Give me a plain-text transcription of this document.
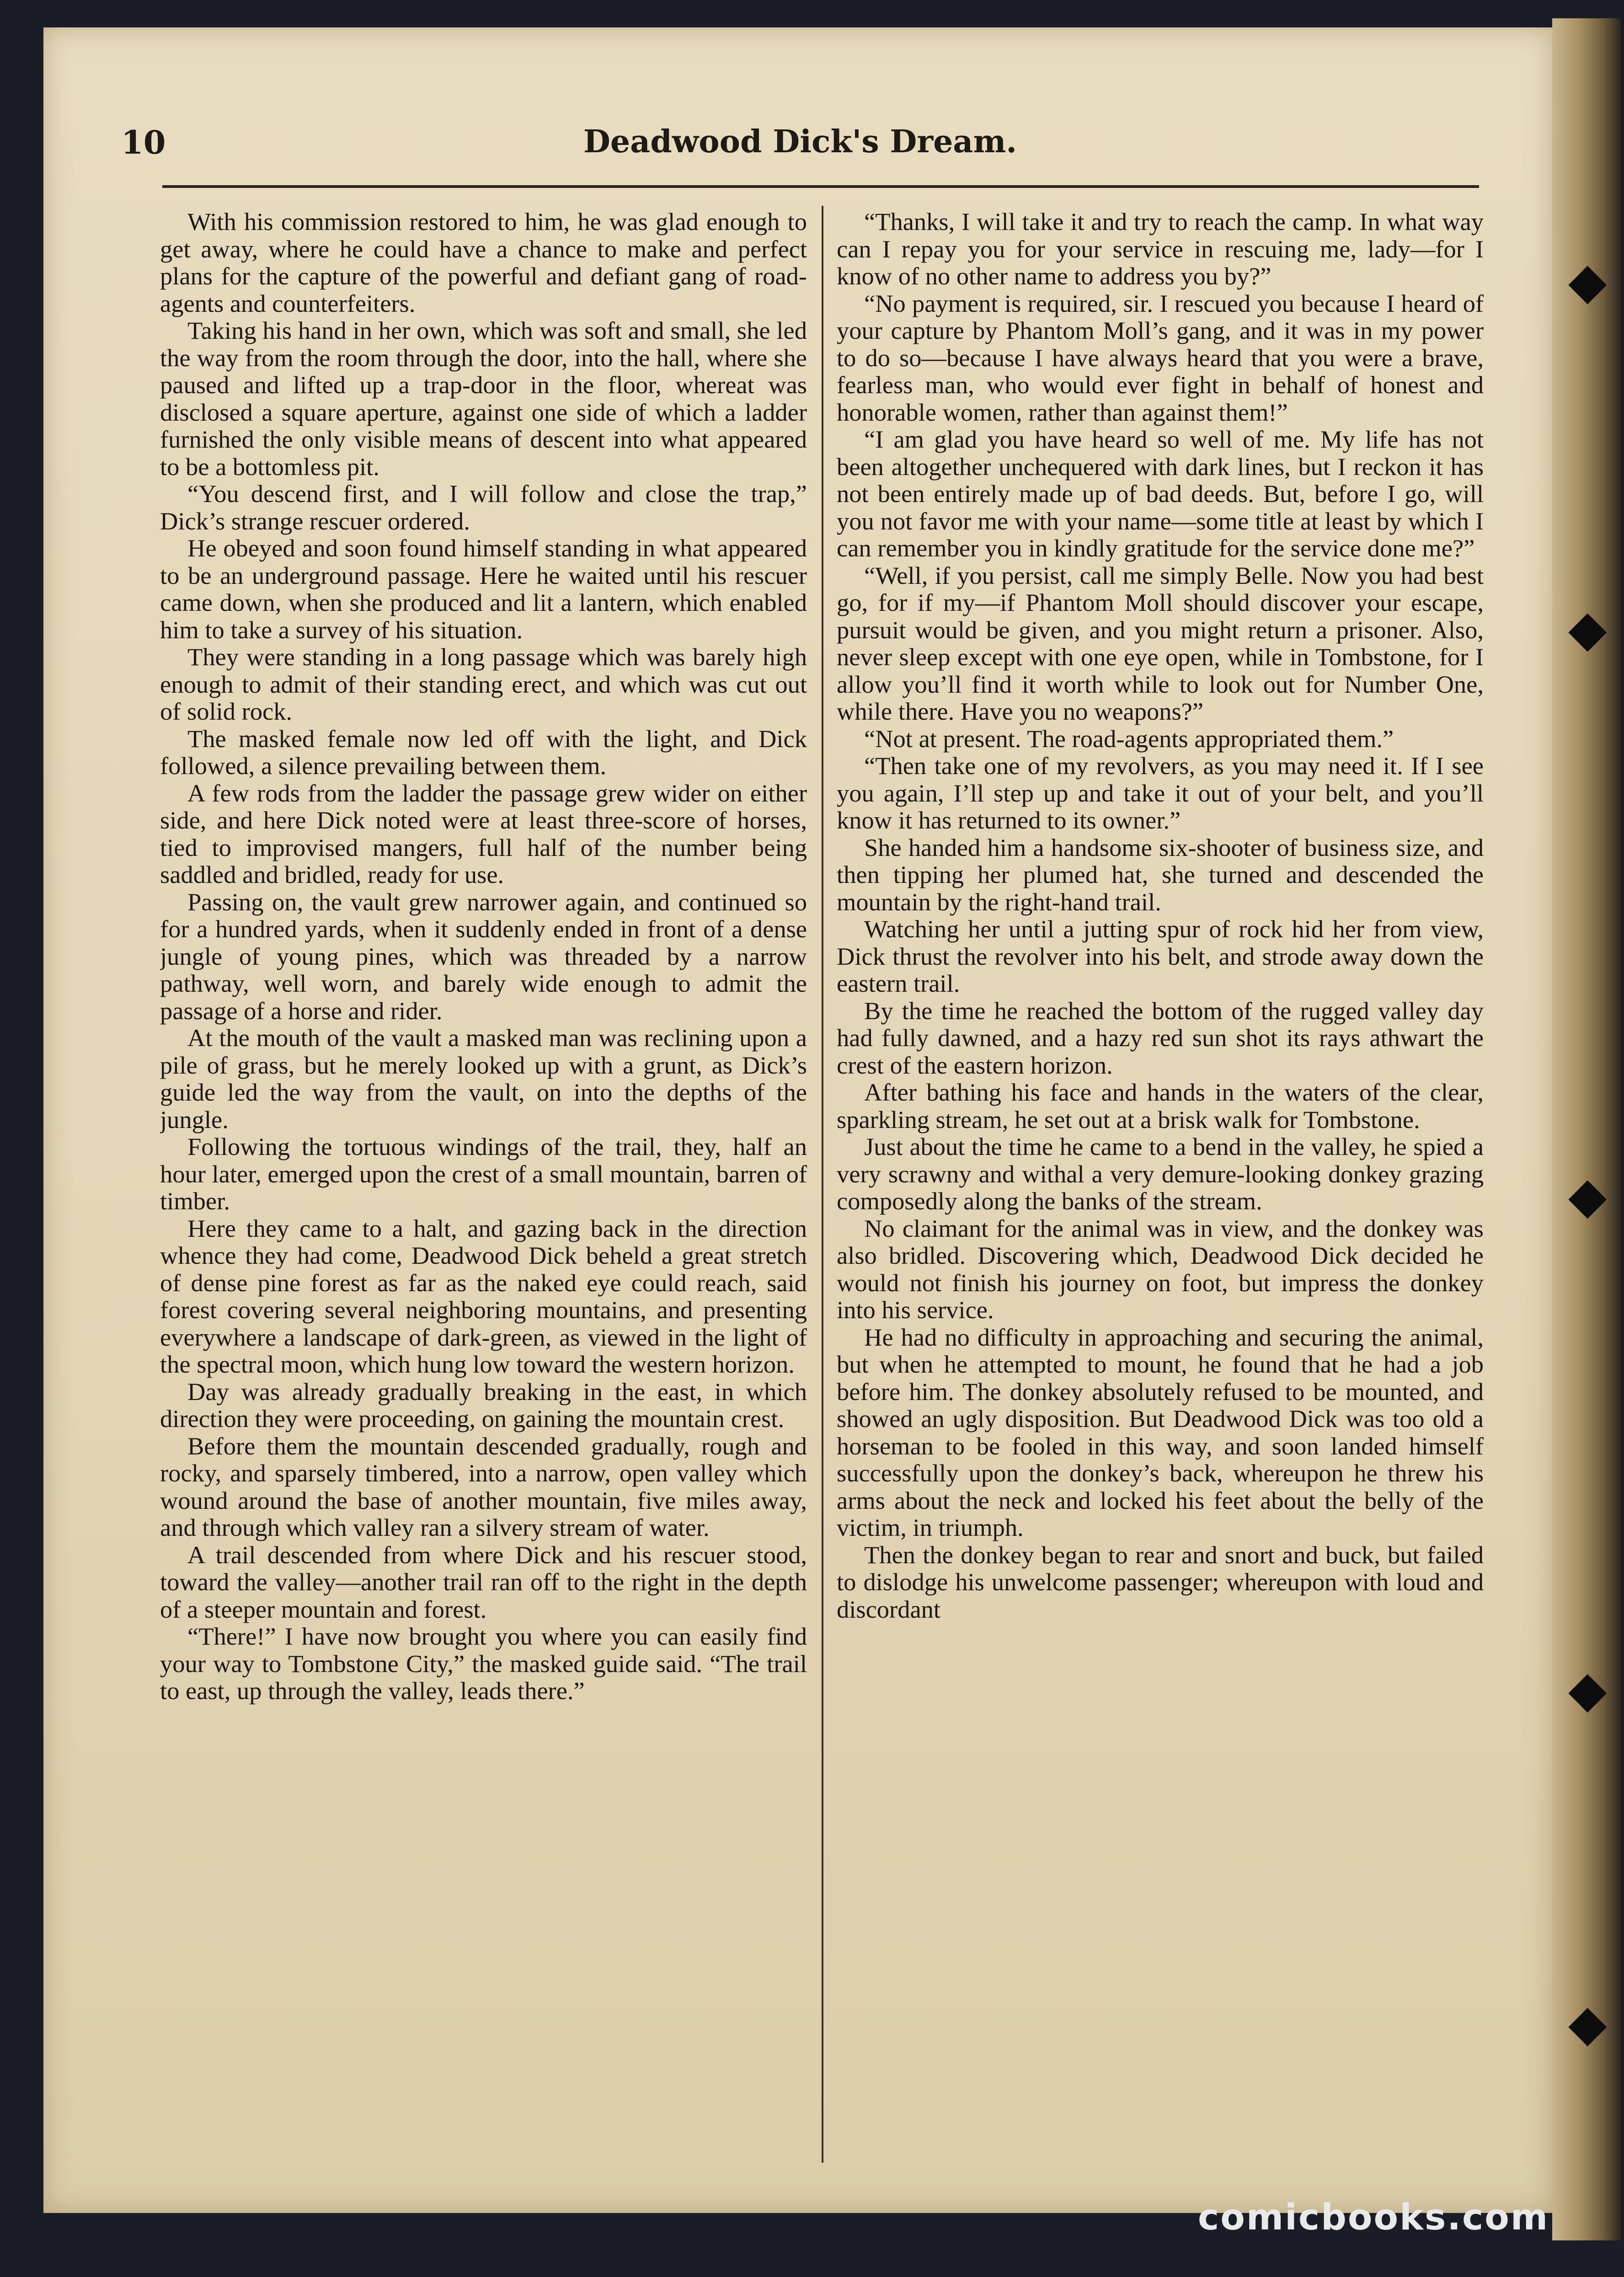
◆
◆
◆
◆
◆
10	Deadwood Dick's Dream.

With his commission restored to him, he was glad enough to get away, where he could have a chance to make and perfect plans for the capture of the powerful and defiant gang of road-agents and counterfeiters.

Taking his hand in her own, which was soft and small, she led the way from the room through the door, into the hall, where she paused and lifted up a trap-door in the floor, whereat was disclosed a square aperture, against one side of which a ladder furnished the only visible means of descent into what appeared to be a bottomless pit.

“You descend first, and I will follow and close the trap,” Dick’s strange rescuer ordered.

He obeyed and soon found himself standing in what appeared to be an underground passage. Here he waited until his rescuer came down, when she produced and lit a lantern, which enabled him to take a survey of his situation.

They were standing in a long passage which was barely high enough to admit of their standing erect, and which was cut out of solid rock.

The masked female now led off with the light, and Dick followed, a silence prevailing between them.

A few rods from the ladder the passage grew wider on either side, and here Dick noted were at least three-score of horses, tied to improvised mangers, full half of the number being saddled and bridled, ready for use.

Passing on, the vault grew narrower again, and continued so for a hundred yards, when it suddenly ended in front of a dense jungle of young pines, which was threaded by a narrow pathway, well worn, and barely wide enough to admit the passage of a horse and rider.

At the mouth of the vault a masked man was reclining upon a pile of grass, but he merely looked up with a grunt, as Dick’s guide led the way from the vault, on into the depths of the jungle.

Following the tortuous windings of the trail, they, half an hour later, emerged upon the crest of a small mountain, barren of timber.

Here they came to a halt, and gazing back in the direction whence they had come, Deadwood Dick beheld a great stretch of dense pine forest as far as the naked eye could reach, said forest covering several neighboring mountains, and presenting everywhere a landscape of dark-green, as viewed in the light of the spectral moon, which hung low toward the western horizon.

Day was already gradually breaking in the east, in which direction they were proceeding, on gaining the mountain crest.

Before them the mountain descended gradually, rough and rocky, and sparsely timbered, into a narrow, open valley which wound around the base of another mountain, five miles away, and through which valley ran a silvery stream of water.

A trail descended from where Dick and his rescuer stood, toward the valley—another trail ran off to the right in the depth of a steeper mountain and forest.

“There!” I have now brought you where you can easily find your way to Tombstone City,” the masked guide said. “The trail to east, up through the valley, leads there.”

“Thanks, I will take it and try to reach the camp. In what way can I repay you for your service in rescuing me, lady—for I know of no other name to address you by?”

“No payment is required, sir. I rescued you because I heard of your capture by Phantom Moll’s gang, and it was in my power to do so—because I have always heard that you were a brave, fearless man, who would ever fight in behalf of honest and honorable women, rather than against them!”

“I am glad you have heard so well of me. My life has not been altogether unchequered with dark lines, but I reckon it has not been entirely made up of bad deeds. But, before I go, will you not favor me with your name—some title at least by which I can remember you in kindly gratitude for the service done me?”

“Well, if you persist, call me simply Belle. Now you had best go, for if my—if Phantom Moll should discover your escape, pursuit would be given, and you might return a prisoner. Also, never sleep except with one eye open, while in Tombstone, for I allow you’ll find it worth while to look out for Number One, while there. Have you no weapons?”

“Not at present. The road-agents appropriated them.”

“Then take one of my revolvers, as you may need it. If I see you again, I’ll step up and take it out of your belt, and you’ll know it has returned to its owner.”

She handed him a handsome six-shooter of business size, and then tipping her plumed hat, she turned and descended the mountain by the right-hand trail.

Watching her until a jutting spur of rock hid her from view, Dick thrust the revolver into his belt, and strode away down the eastern trail.

By the time he reached the bottom of the rugged valley day had fully dawned, and a hazy red sun shot its rays athwart the crest of the eastern horizon.

After bathing his face and hands in the waters of the clear, sparkling stream, he set out at a brisk walk for Tombstone.

Just about the time he came to a bend in the valley, he spied a very scrawny and withal a very demure-looking donkey grazing composedly along the banks of the stream.

No claimant for the animal was in view, and the donkey was also bridled. Discovering which, Deadwood Dick decided he would not finish his journey on foot, but impress the donkey into his service.

He had no difficulty in approaching and securing the animal, but when he attempted to mount, he found that he had a job before him. The donkey absolutely refused to be mounted, and showed an ugly disposition. But Deadwood Dick was too old a horseman to be fooled in this way, and soon landed himself successfully upon the donkey’s back, whereupon he threw his arms about the neck and locked his feet about the belly of the victim, in triumph.

Then the donkey began to rear and snort and buck, but failed to dislodge his unwelcome passenger; whereupon with loud and discordant

comicbooks.com
